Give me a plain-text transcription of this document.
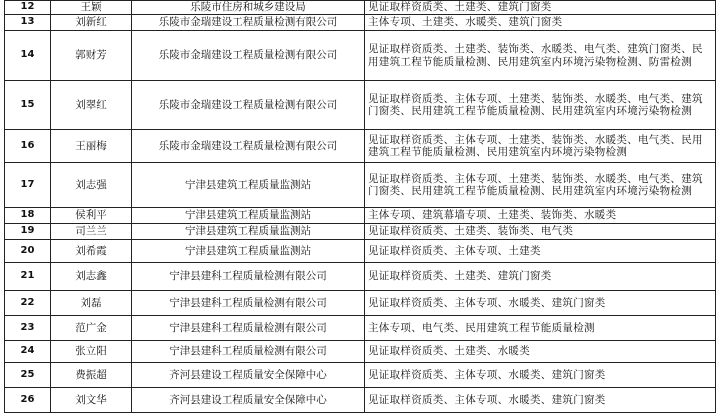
12	王颖	乐陵市住房和城乡建设局	见证取样资质类、土建类、建筑门窗类
13	刘新红	乐陵市金瑞建设工程质量检测有限公司	主体专项、土建类、水暖类、建筑门窗类
14	郭财芳	乐陵市金瑞建设工程质量检测有限公司	见证取样资质类、土建类、装饰类、水暖类、电气类、建筑门窗类、民用建筑工程节能质量检测、民用建筑室内环境污染物检测、防雷检测
15	刘翠红	乐陵市金瑞建设工程质量检测有限公司	见证取样资质类、主体专项、土建类、装饰类、水暖类、电气类、建筑门窗类、民用建筑工程节能质量检测、民用建筑室内环境污染物检测
16	王丽梅	乐陵市金瑞建设工程质量检测有限公司	见证取样资质类、主体专项、土建类、装饰类、水暖类、电气类、民用建筑工程节能质量检测、民用建筑室内环境污染物检测
17	刘志强	宁津县建筑工程质量监测站	见证取样资质类、主体专项、土建类、装饰类、水暖类、电气类、建筑门窗类、民用建筑工程节能质量检测、民用建筑室内环境污染物检测
18	侯利平	宁津县建筑工程质量监测站	主体专项、建筑幕墙专项、土建类、装饰类、水暖类
19	司兰兰	宁津县建筑工程质量监测站	见证取样资质类、土建类、装饰类、电气类
20	刘希霞	宁津县建筑工程质量监测站	见证取样资质类、主体专项、土建类
21	刘志鑫	宁津县建科工程质量检测有限公司	见证取样资质类、土建类、建筑门窗类
22	刘磊	宁津县建科工程质量检测有限公司	见证取样资质类、主体专项、水暖类、建筑门窗类
23	范广金	宁津县建科工程质量检测有限公司	主体专项、电气类、民用建筑工程节能质量检测
24	张立阳	宁津县建科工程质量检测有限公司	见证取样资质类、土建类、水暖类
25	费振超	齐河县建设工程质量安全保障中心	见证取样资质类、主体专项、水暖类、建筑门窗类
26	刘文华	齐河县建设工程质量安全保障中心	见证取样资质类、主体专项、水暖类、建筑门窗类
